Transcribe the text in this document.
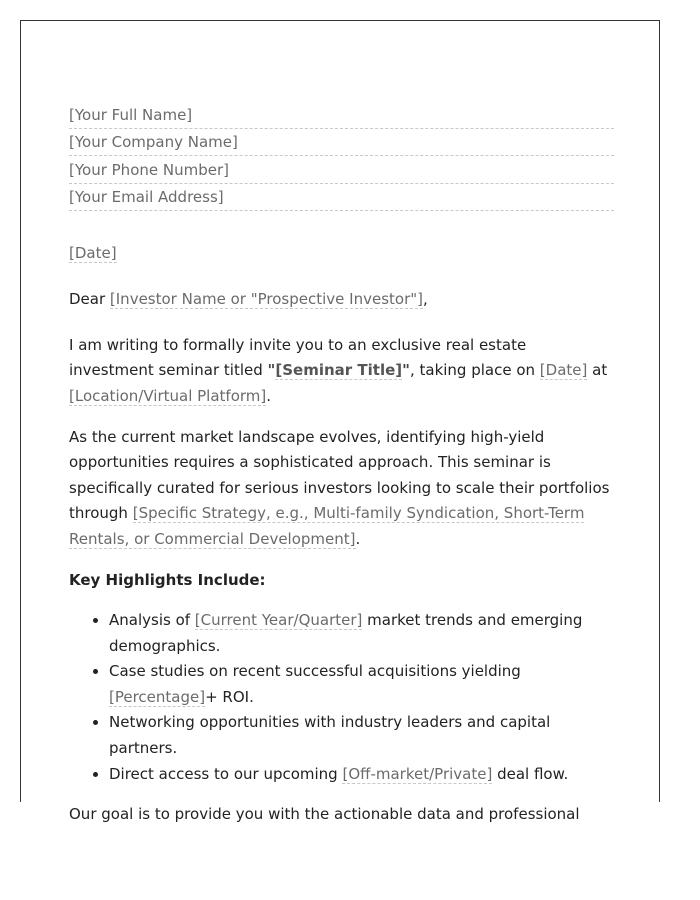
[Your Full Name]
[Your Company Name]
[Your Phone Number]
[Your Email Address]
[Date]

Dear [Investor Name or "Prospective Investor"],

I am writing to formally invite you to an exclusive real estate investment seminar titled "[Seminar Title]", taking place on [Date] at [Location/Virtual Platform].

As the current market landscape evolves, identifying high-yield opportunities requires a sophisticated approach. This seminar is specifically curated for serious investors looking to scale their portfolios through [Specific Strategy, e.g., Multi-family Syndication, Short-Term Rentals, or Commercial Development].

Key Highlights Include:

• Analysis of [Current Year/Quarter] market trends and emerging demographics.
• Case studies on recent successful acquisitions yielding [Percentage]+ ROI.
• Networking opportunities with industry leaders and capital partners.
• Direct access to our upcoming [Off-market/Private] deal flow.

Our goal is to provide you with the actionable data and professional
